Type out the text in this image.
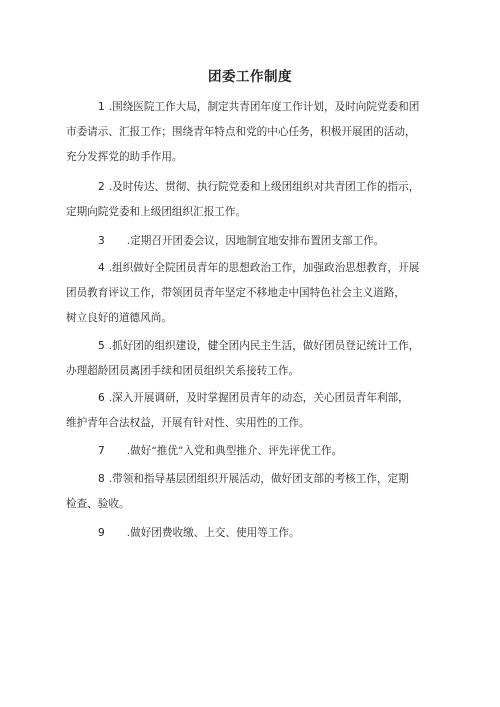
团委工作制度
1 .围绕医院工作大局，制定共青团年度工作计划，及时向院党委和团
市委请示、汇报工作；围绕青年特点和党的中心任务，积极开展团的活动，
充分发挥党的助手作用。
2 .及时传达、贯彻、执行院党委和上级团组织对共青团工作的指示，
定期向院党委和上级团组织汇报工作。
3 .定期召开团委会议，因地制宜地安排布置团支部工作。
4 .组织做好全院团员青年的思想政治工作，加强政治思想教育，开展
团员教育评议工作，带领团员青年坚定不移地走中国特色社会主义道路，
树立良好的道德风尚。
5 .抓好团的组织建设，健全团内民主生活，做好团员登记统计工作，
办理超龄团员离团手续和团员组织关系接转工作。
6 .深入开展调研，及时掌握团员青年的动态，关心团员青年利部，
维护青年合法权益，开展有针对性、实用性的工作。
7 .做好“推优”入党和典型推介、评先评优工作。
8 .带领和指导基层团组织开展活动，做好团支部的考核工作，定期
检查、验收。
9 .做好团费收缴、上交、使用等工作。
